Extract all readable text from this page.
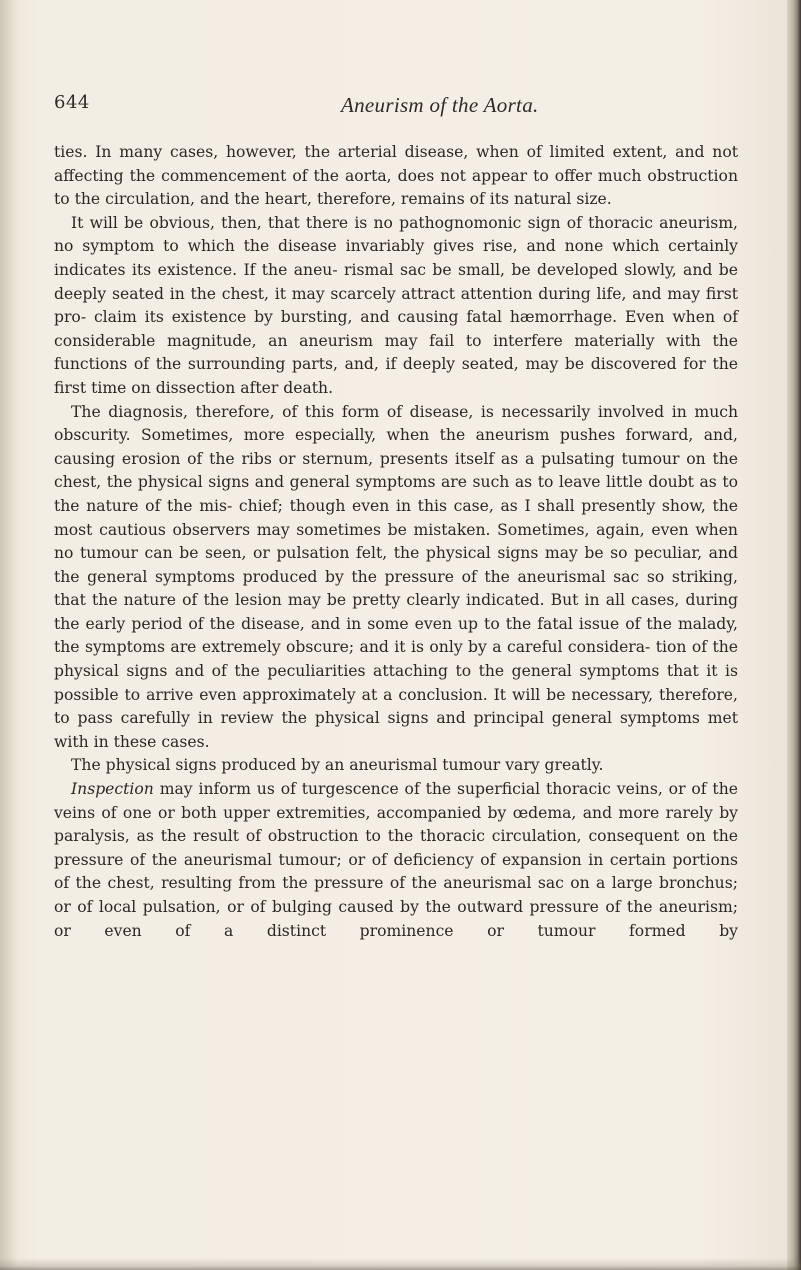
644	Aneurism of the Aorta.

ties. In many cases, however, the arterial disease, when of limited extent, and not affecting the commencement of the aorta, does not appear to offer much obstruction to the circulation, and the heart, therefore, remains of its natural size.

It will be obvious, then, that there is no pathognomonic sign of thoracic aneurism, no symptom to which the disease invariably gives rise, and none which certainly indicates its existence. If the aneu- rismal sac be small, be developed slowly, and be deeply seated in the chest, it may scarcely attract attention during life, and may first pro- claim its existence by bursting, and causing fatal hæmorrhage. Even when of considerable magnitude, an aneurism may fail to interfere materially with the functions of the surrounding parts, and, if deeply seated, may be discovered for the first time on dissection after death.

The diagnosis, therefore, of this form of disease, is necessarily involved in much obscurity. Sometimes, more especially, when the aneurism pushes forward, and, causing erosion of the ribs or sternum, presents itself as a pulsating tumour on the chest, the physical signs and general symptoms are such as to leave little doubt as to the nature of the mis- chief; though even in this case, as I shall presently show, the most cautious observers may sometimes be mistaken. Sometimes, again, even when no tumour can be seen, or pulsation felt, the physical signs may be so peculiar, and the general symptoms produced by the pressure of the aneurismal sac so striking, that the nature of the lesion may be pretty clearly indicated. But in all cases, during the early period of the disease, and in some even up to the fatal issue of the malady, the symptoms are extremely obscure; and it is only by a careful considera- tion of the physical signs and of the peculiarities attaching to the general symptoms that it is possible to arrive even approximately at a conclusion. It will be necessary, therefore, to pass carefully in review the physical signs and principal general symptoms met with in these cases.

The physical signs produced by an aneurismal tumour vary greatly.

Inspection may inform us of turgescence of the superficial thoracic veins, or of the veins of one or both upper extremities, accompanied by œdema, and more rarely by paralysis, as the result of obstruction to the thoracic circulation, consequent on the pressure of the aneurismal tumour; or of deficiency of expansion in certain portions of the chest, resulting from the pressure of the aneurismal sac on a large bronchus; or of local pulsation, or of bulging caused by the outward pressure of the aneurism; or even of a distinct prominence or tumour formed by
